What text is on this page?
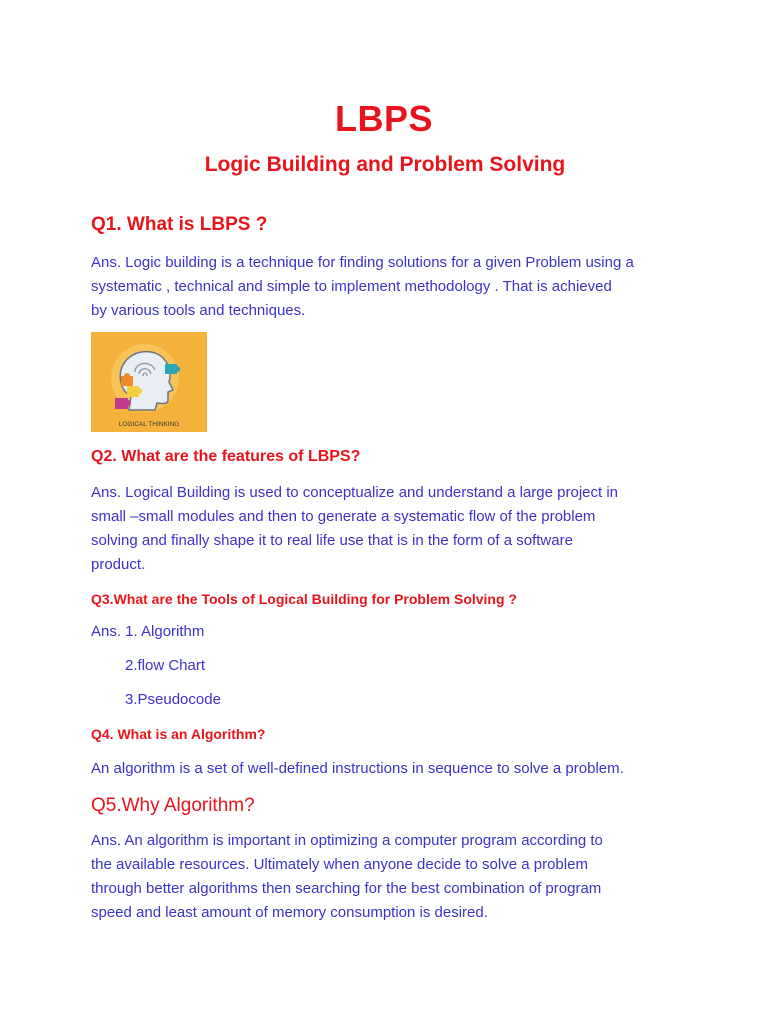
LBPS
Logic Building and Problem Solving
Q1. What is LBPS ?
Ans. Logic building is a technique for finding solutions for a given Problem using a
systematic , technical and simple to implement methodology . That is achieved
by various tools and techniques.
LOGICAL THINKING
Q2. What are the features of LBPS?
Ans. Logical Building is used to conceptualize and understand a large project in
small –small modules and then to generate a systematic flow of the problem
solving and finally shape it to real life use that is in the form of a software
product.
Q3.What are the Tools of Logical Building for Problem Solving ?
Ans. 1. Algorithm
2.flow Chart
3.Pseudocode
Q4. What is an Algorithm?
An algorithm is a set of well-defined instructions in sequence to solve a problem.
Q5.Why Algorithm?
Ans. An algorithm is important in optimizing a computer program according to
the available resources. Ultimately when anyone decide to solve a problem
through better algorithms then searching for the best combination of program
speed and least amount of memory consumption is desired.
